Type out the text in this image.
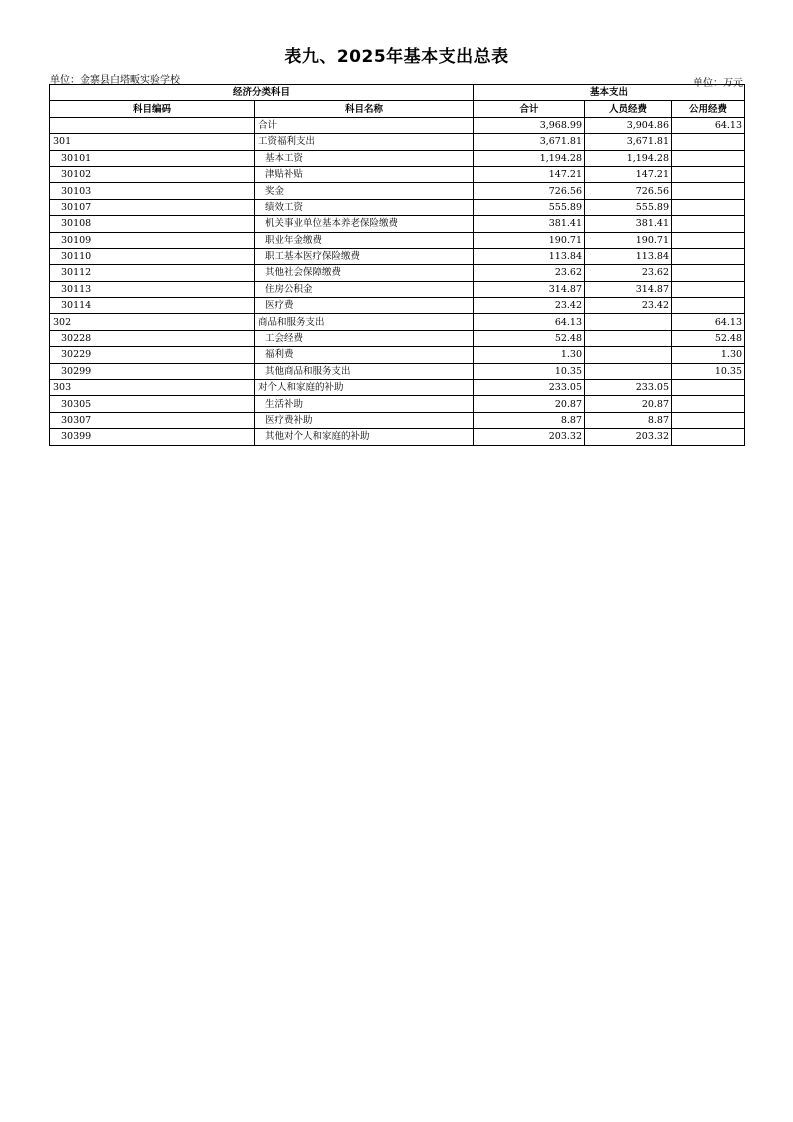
表九、2025年基本支出总表
单位：金寨县白塔畈实验学校	单位：万元
经济分类科目		基本支出		
科目编码	科目名称	合计	人员经费	公用经费
	合计	3,968.99	3,904.86	64.13
301	工资福利支出	3,671.81	3,671.81	
30101	基本工资	1,194.28	1,194.28	
30102	津贴补贴	147.21	147.21	
30103	奖金	726.56	726.56	
30107	绩效工资	555.89	555.89	
30108	机关事业单位基本养老保险缴费	381.41	381.41	
30109	职业年金缴费	190.71	190.71	
30110	职工基本医疗保险缴费	113.84	113.84	
30112	其他社会保障缴费	23.62	23.62	
30113	住房公积金	314.87	314.87	
30114	医疗费	23.42	23.42	
302	商品和服务支出	64.13		64.13
30228	工会经费	52.48		52.48
30229	福利费	1.30		1.30
30299	其他商品和服务支出	10.35		10.35
303	对个人和家庭的补助	233.05	233.05	
30305	生活补助	20.87	20.87	
30307	医疗费补助	8.87	8.87	
30399	其他对个人和家庭的补助	203.32	203.32	
